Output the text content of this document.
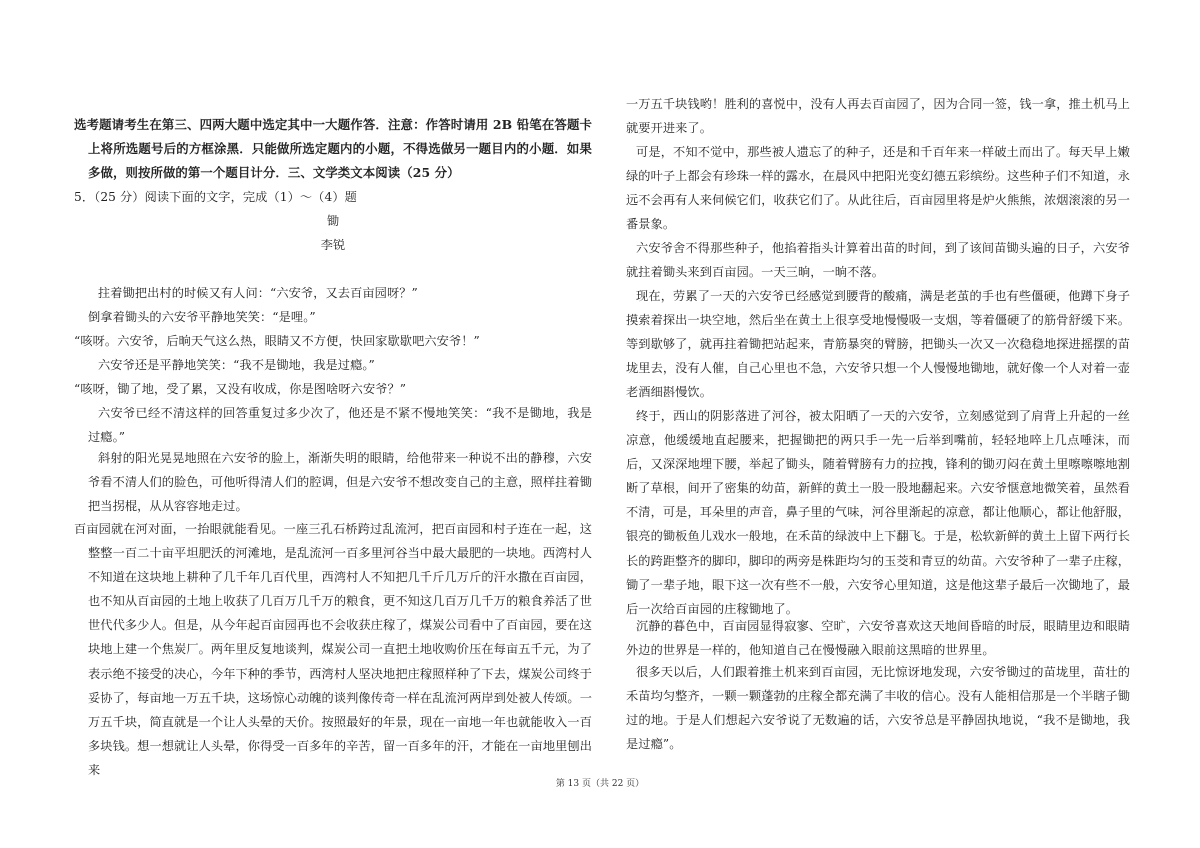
选考题请考生在第三、四两大题中选定其中一大题作答．注意：作答时请用 2B 铅笔在答题卡上将所选题号后的方框涂黑．只能做所选定题内的小题，不得选做另一题目内的小题．如果多做，则按所做的第一个题目计分．三、文学类文本阅读（25 分）

5．（25 分）阅读下面的文字，完成（1）～（4）题

锄

李锐

拄着锄把出村的时候又有人问：“六安爷，又去百亩园呀？”

倒拿着锄头的六安爷平静地笑笑：“是哩。”

“咳呀。六安爷，后晌天气这么热，眼睛又不方便，快回家歇歇吧六安爷！”

六安爷还是平静地笑笑：“我不是锄地，我是过瘾。”

“咳呀，锄了地，受了累，又没有收成，你是图啥呀六安爷？”

六安爷已经不清这样的回答重复过多少次了，他还是不紧不慢地笑笑：“我不是锄地，我是过瘾。”

斜射的阳光晃晃地照在六安爷的脸上，渐渐失明的眼睛，给他带来一种说不出的静穆，六安爷看不清人们的脸色，可他听得清人们的腔调，但是六安爷不想改变自己的主意，照样拄着锄把当拐棍，从从容容地走过。

百亩园就在河对面，一抬眼就能看见。一座三孔石桥跨过乱流河，把百亩园和村子连在一起，这整整一百二十亩平坦肥沃的河滩地，是乱流河一百多里河谷当中最大最肥的一块地。西湾村人不知道在这块地上耕种了几千年几百代里，西湾村人不知把几千斤几万斤的汗水撒在百亩园，也不知从百亩园的土地上收获了几百万几千万的粮食，更不知这几百万几千万的粮食养活了世世代代多少人。但是，从今年起百亩园再也不会收获庄稼了，煤炭公司看中了百亩园，要在这块地上建一个焦炭厂。两年里反复地谈判，煤炭公司一直把土地收购价压在每亩五千元，为了表示绝不接受的决心，今年下种的季节，西湾村人坚决地把庄稼照样种了下去，煤炭公司终于妥协了，每亩地一万五千块，这场惊心动魄的谈判像传奇一样在乱流河两岸到处被人传颂。一万五千块，简直就是一个让人头晕的天价。按照最好的年景，现在一亩地一年也就能收入一百多块钱。想一想就让人头晕，你得受一百多年的辛苦，留一百多年的汗，才能在一亩地里刨出来

一万五千块钱哟！胜利的喜悦中，没有人再去百亩园了，因为合同一签，钱一拿，推土机马上就要开进来了。

可是，不知不觉中，那些被人遗忘了的种子，还是和千百年来一样破土而出了。每天早上嫩绿的叶子上都会有珍珠一样的露水，在晨风中把阳光变幻德五彩缤纷。这些种子们不知道，永远不会再有人来伺候它们，收获它们了。从此往后，百亩园里将是炉火熊熊，浓烟滚滚的另一番景象。

六安爷舍不得那些种子，他掐着指头计算着出苗的时间，到了该间苗锄头遍的日子，六安爷就拄着锄头来到百亩园。一天三晌，一晌不落。

现在，劳累了一天的六安爷已经感觉到腰背的酸痛，满是老茧的手也有些僵硬，他蹲下身子摸索着探出一块空地，然后坐在黄土上很享受地慢慢吸一支烟，等着僵硬了的筋骨舒缓下来。等到歇够了，就再拄着锄把站起来，青筋暴突的臂膀，把锄头一次又一次稳稳地探进摇摆的苗垅里去，没有人催，自己心里也不急，六安爷只想一个人慢慢地锄地，就好像一个人对着一壶老酒细斟慢饮。

终于，西山的阴影落进了河谷，被太阳晒了一天的六安爷，立刻感觉到了肩背上升起的一丝凉意，他缓缓地直起腰来，把握锄把的两只手一先一后举到嘴前，轻轻地啐上几点唾沫，而后，又深深地埋下腰，举起了锄头，随着臂膀有力的拉拽，锋利的锄刃闷在黄土里嚓嚓嚓地割断了草根，间开了密集的幼苗，新鲜的黄土一股一股地翻起来。六安爷惬意地微笑着，虽然看不清，可是，耳朵里的声音，鼻子里的气味，河谷里渐起的凉意，都让他顺心，都让他舒服，银亮的锄板鱼儿戏水一般地，在禾苗的绿波中上下翻飞。于是，松软新鲜的黄土上留下两行长长的跨距整齐的脚印，脚印的两旁是株距均匀的玉茭和青豆的幼苗。六安爷种了一辈子庄稼，锄了一辈子地，眼下这一次有些不一般，六安爷心里知道，这是他这辈子最后一次锄地了，最后一次给百亩园的庄稼锄地了。

沉静的暮色中，百亩园显得寂寥、空旷，六安爷喜欢这天地间昏暗的时辰，眼睛里边和眼睛外边的世界是一样的，他知道自己在慢慢融入眼前这黑暗的世界里。

很多天以后，人们跟着推土机来到百亩园，无比惊讶地发现，六安爷锄过的苗垅里，苗壮的禾苗均匀整齐，一颗一颗蓬勃的庄稼全都充满了丰收的信心。没有人能相信那是一个半瞎子锄过的地。于是人们想起六安爷说了无数遍的话，六安爷总是平静固执地说，“我不是锄地，我是过瘾”。

第 13 页（共 22 页）
